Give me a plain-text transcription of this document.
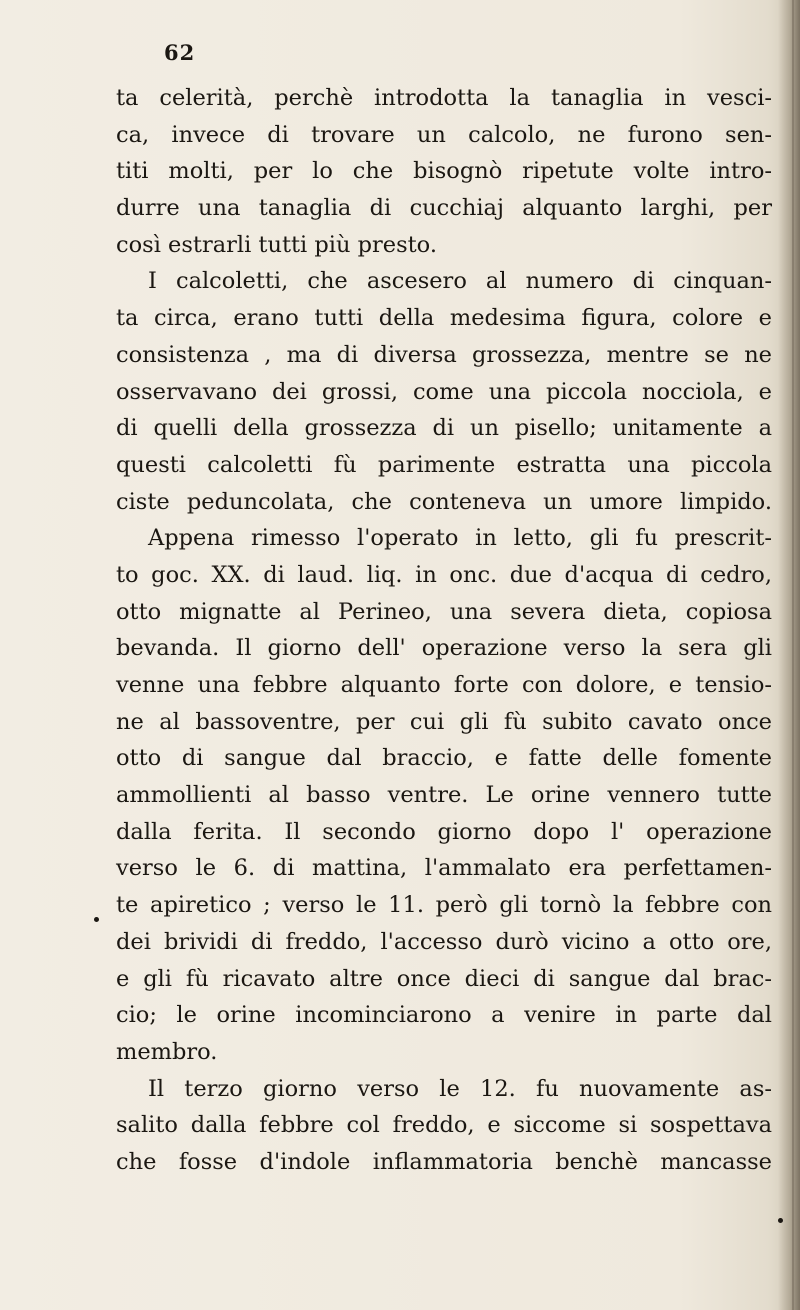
62
ta celerità, perchè introdotta la tanaglia in vesci-
ca, invece di trovare un calcolo, ne furono sen-
titi molti, per lo che bisognò ripetute volte intro-
durre una tanaglia di cucchiaj alquanto larghi, per
così estrarli tutti più presto.
I calcoletti, che ascesero al numero di cinquan-
ta circa, erano tutti della medesima figura, colore e
consistenza , ma di diversa grossezza, mentre se ne
osservavano dei grossi, come una piccola nocciola, e
di quelli della grossezza di un pisello; unitamente a
questi calcoletti fù parimente estratta una piccola
ciste peduncolata, che conteneva un umore limpido.
Appena rimesso l'operato in letto, gli fu prescrit-
to goc. XX. di laud. liq. in onc. due d'acqua di cedro,
otto mignatte al Perineo, una severa dieta, copiosa
bevanda. Il giorno dell' operazione verso la sera gli
venne una febbre alquanto forte con dolore, e tensio-
ne al bassoventre, per cui gli fù subito cavato once
otto di sangue dal braccio, e fatte delle fomente
ammollienti al basso ventre. Le orine vennero tutte
dalla ferita. Il secondo giorno dopo l' operazione
verso le 6. di mattina, l'ammalato era perfettamen-
te apiretico ; verso le 11. però gli tornò la febbre con
dei brividi di freddo, l'accesso durò vicino a otto ore,
e gli fù ricavato altre once dieci di sangue dal brac-
cio; le orine incominciarono a venire in parte dal
membro.
Il terzo giorno verso le 12. fu nuovamente as-
salito dalla febbre col freddo, e siccome si sospettava
che fosse d'indole inflammatoria benchè mancasse
